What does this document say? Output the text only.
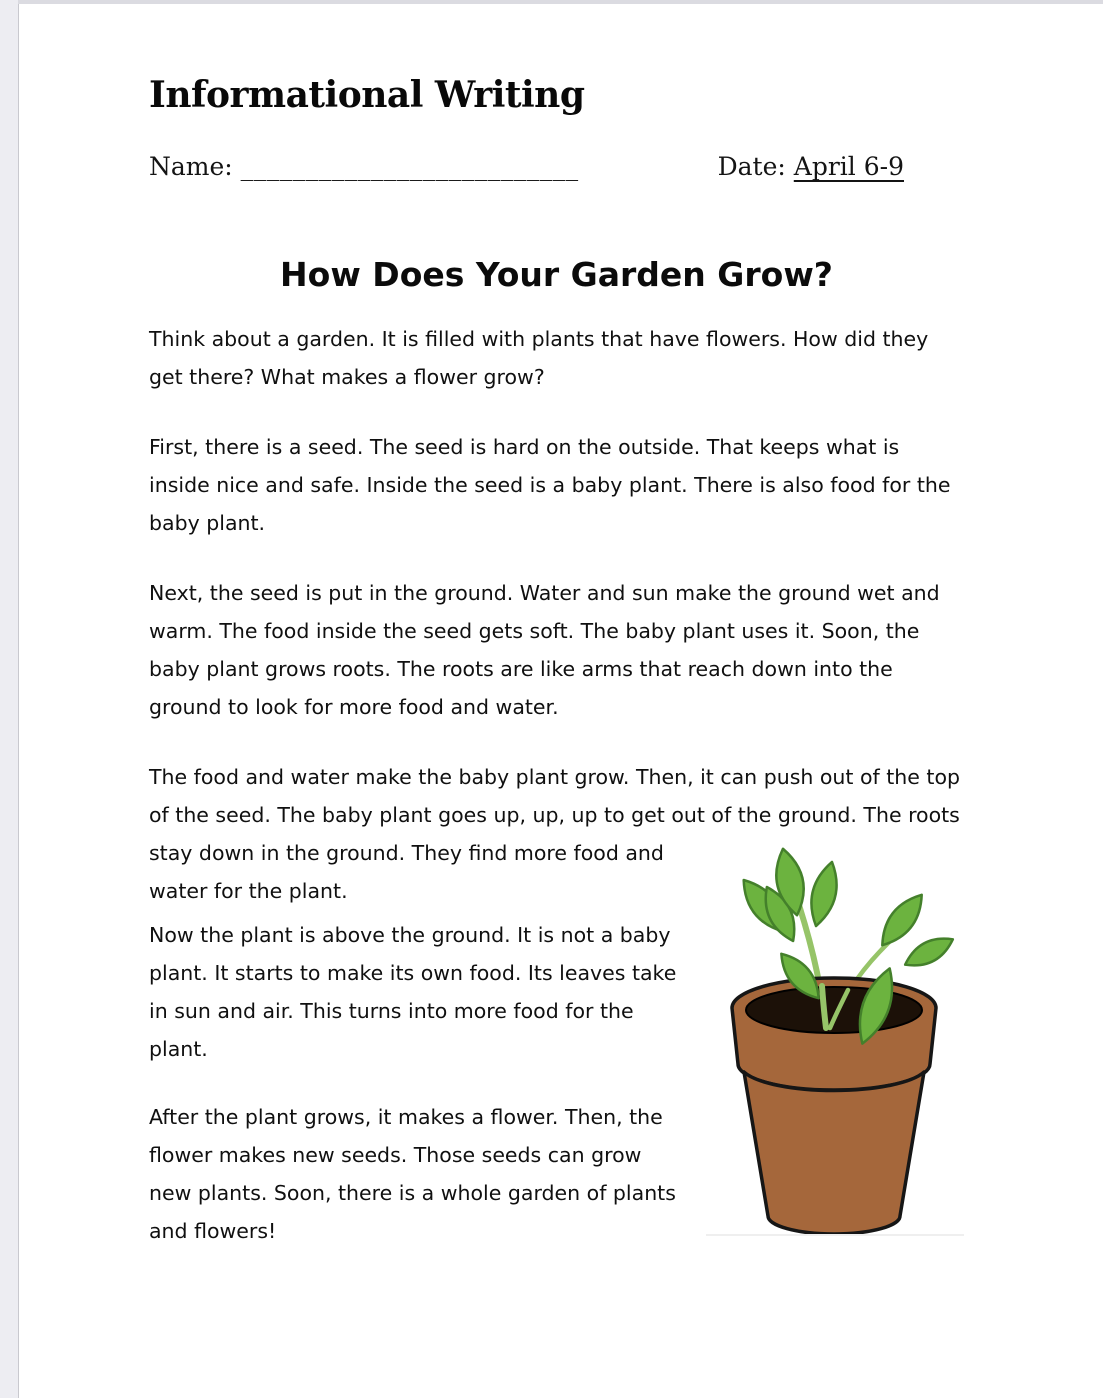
Informational Writing
Name: __________________________	Date: April 6-9
How Does Your Garden Grow?

Think about a garden. It is filled with plants that have flowers. How did they get there? What makes a flower grow?

First, there is a seed. The seed is hard on the outside. That keeps what is inside nice and safe. Inside the seed is a baby plant. There is also food for the baby plant.

Next, the seed is put in the ground. Water and sun make the ground wet and warm. The food inside the seed gets soft. The baby plant uses it. Soon, the baby plant grows roots. The roots are like arms that reach down into the ground to look for more food and water.

The food and water make the baby plant grow. Then, it can push out of the top of the seed. The baby plant goes up, up, up to get out of the ground. The roots stay down in the ground. They find more food and water for the plant.

Now the plant is above the ground. It is not a baby plant. It starts to make its own food. Its leaves take in sun and air. This turns into more food for the plant.

After the plant grows, it makes a flower. Then, the flower makes new seeds. Those seeds can grow new plants. Soon, there is a whole garden of plants and flowers!
